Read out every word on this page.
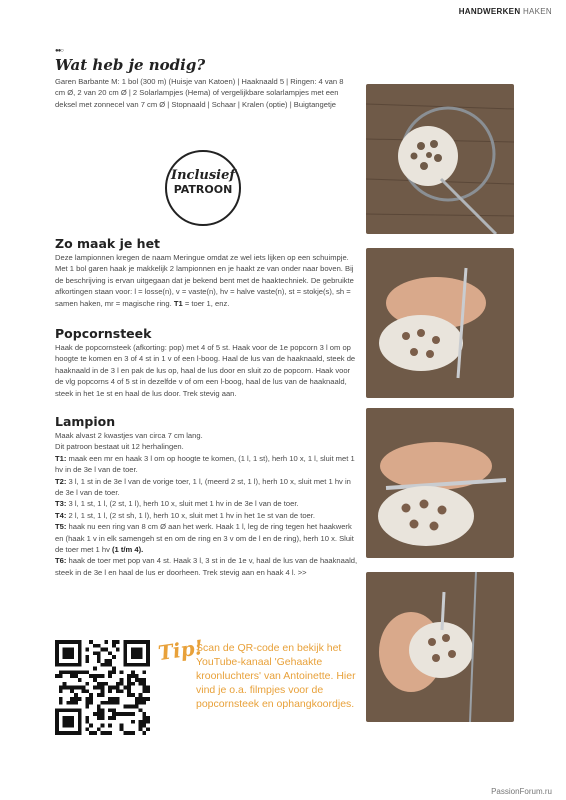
HANDWERKEN HAKEN
●●○
Wat heb je nodig?
Garen Barbante M: 1 bol (300 m) (Huisje van Katoen) | Haaknaald 5 | Ringen: 4 van 8 cm Ø, 2 van 20 cm Ø | 2 Solarlampjes (Hema) of vergelijkbare solarlampjes met een deksel met zonnecel van 7 cm Ø | Stopnaald | Schaar | Kralen (optie) | Buigtangetje
Inclusief
PATROON
Zo maak je het

Deze lampionnen kregen de naam Meringue omdat ze wel iets lijken op een schuimpje. Met 1 bol garen haak je makkelijk 2 lampionnen en je haakt ze van onder naar boven. Bij de beschrijving is ervan uitgegaan dat je bekend bent met de haaktechniek. De gebruikte afkortingen staan voor: l = losse(n), v = vaste(n), hv = halve vaste(n), st = stokje(s), sh = samen haken, mr = magische ring. T1 = toer 1, enz.

Popcornsteek
Haak de popcornsteek (afkorting: pop) met 4 of 5 st. Haak voor de 1e popcorn 3 l om op hoogte te komen en 3 of 4 st in 1 v of een l-boog. Haal de lus van de haaknaald, steek de haaknaald in de 3 l en pak de lus op, haal de lus door en sluit zo de popcorn. Haak voor de vlg popcorns 4 of 5 st in dezelfde v of om een l-boog, haal de lus van de haaknaald, steek in het 1e st en haal de lus door. Trek stevig aan.
Lampion

Maak alvast 2 kwastjes van circa 7 cm lang.

Dit patroon bestaat uit 12 herhalingen.

T1: maak een mr en haak 3 l om op hoogte te komen, (1 l, 1 st), herh 10 x, 1 l, sluit met 1 hv in de 3e l van de toer.

T2: 3 l, 1 st in de 3e l van de vorige toer, 1 l, (meerd 2 st, 1 l), herh 10 x, sluit met 1 hv in de 3e l van de toer.

T3: 3 l, 1 st, 1 l, (2 st, 1 l), herh 10 x, sluit met 1 hv in de 3e l van de toer.

T4: 2 l, 1 st, 1 l, (2 st sh, 1 l), herh 10 x, sluit met 1 hv in het 1e st van de toer.

T5: haak nu een ring van 8 cm Ø aan het werk. Haak 1 l, leg de ring tegen het haakwerk en (haak 1 v in elk samengeh st en om de ring en 3 v om de l en de ring), herh 10 x. Sluit de toer met 1 hv (1 t/m 4).

T6: haak de toer met pop van 4 st. Haak 3 l, 3 st in de 1e v, haal de lus van de haaknaald, steek in de 3e l en haal de lus er doorheen. Trek stevig aan en haak 4 l. >>

Tip!
Scan de QR-code en bekijk het YouTube-kanaal 'Gehaakte kroonluchters' van Antoinette. Hier vind je o.a. filmpjes voor de popcornsteek en ophangkoordjes.
PassionForum.ru
